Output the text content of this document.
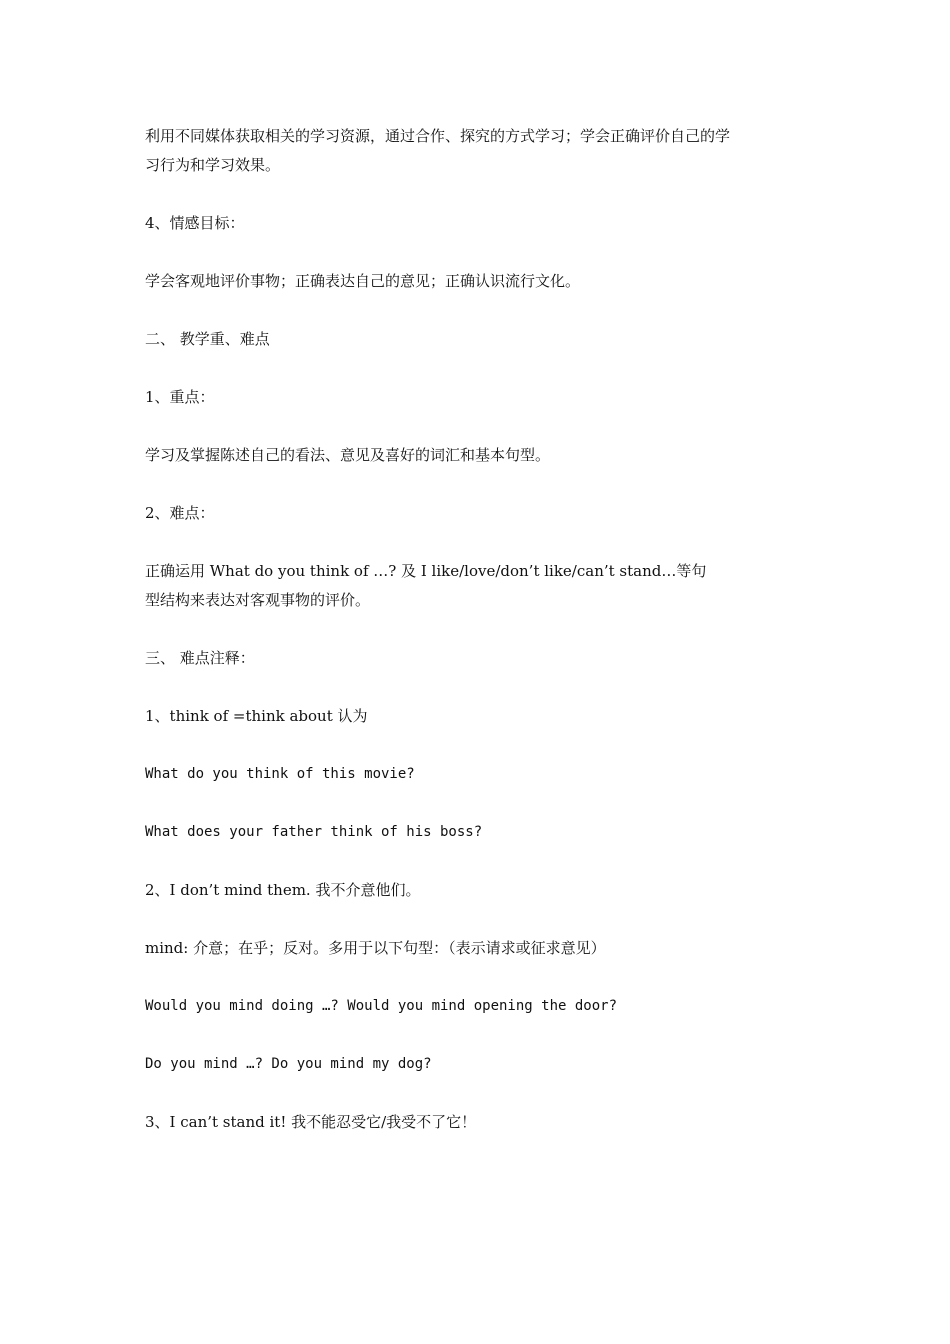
利用不同媒体获取相关的学习资源，通过合作、探究的方式学习；学会正确评价自己的学
习行为和学习效果。
4、情感目标：
学会客观地评价事物；正确表达自己的意见；正确认识流行文化。
二、 教学重、难点
1、重点：
学习及掌握陈述自己的看法、意见及喜好的词汇和基本句型。
2、难点：
正确运用 What do you think of …? 及 I like/love/don’t like/can’t stand…等句
型结构来表达对客观事物的评价。
三、 难点注释：
1、think of =think about 认为
What do you think of this movie?
What does your father think of his boss?
2、I don’t mind them. 我不介意他们。
mind: 介意；在乎；反对。多用于以下句型：（表示请求或征求意见）
Would you mind doing …? Would you mind opening the door?
Do you mind …? Do you mind my dog?
3、I can’t stand it! 我不能忍受它/我受不了它！
